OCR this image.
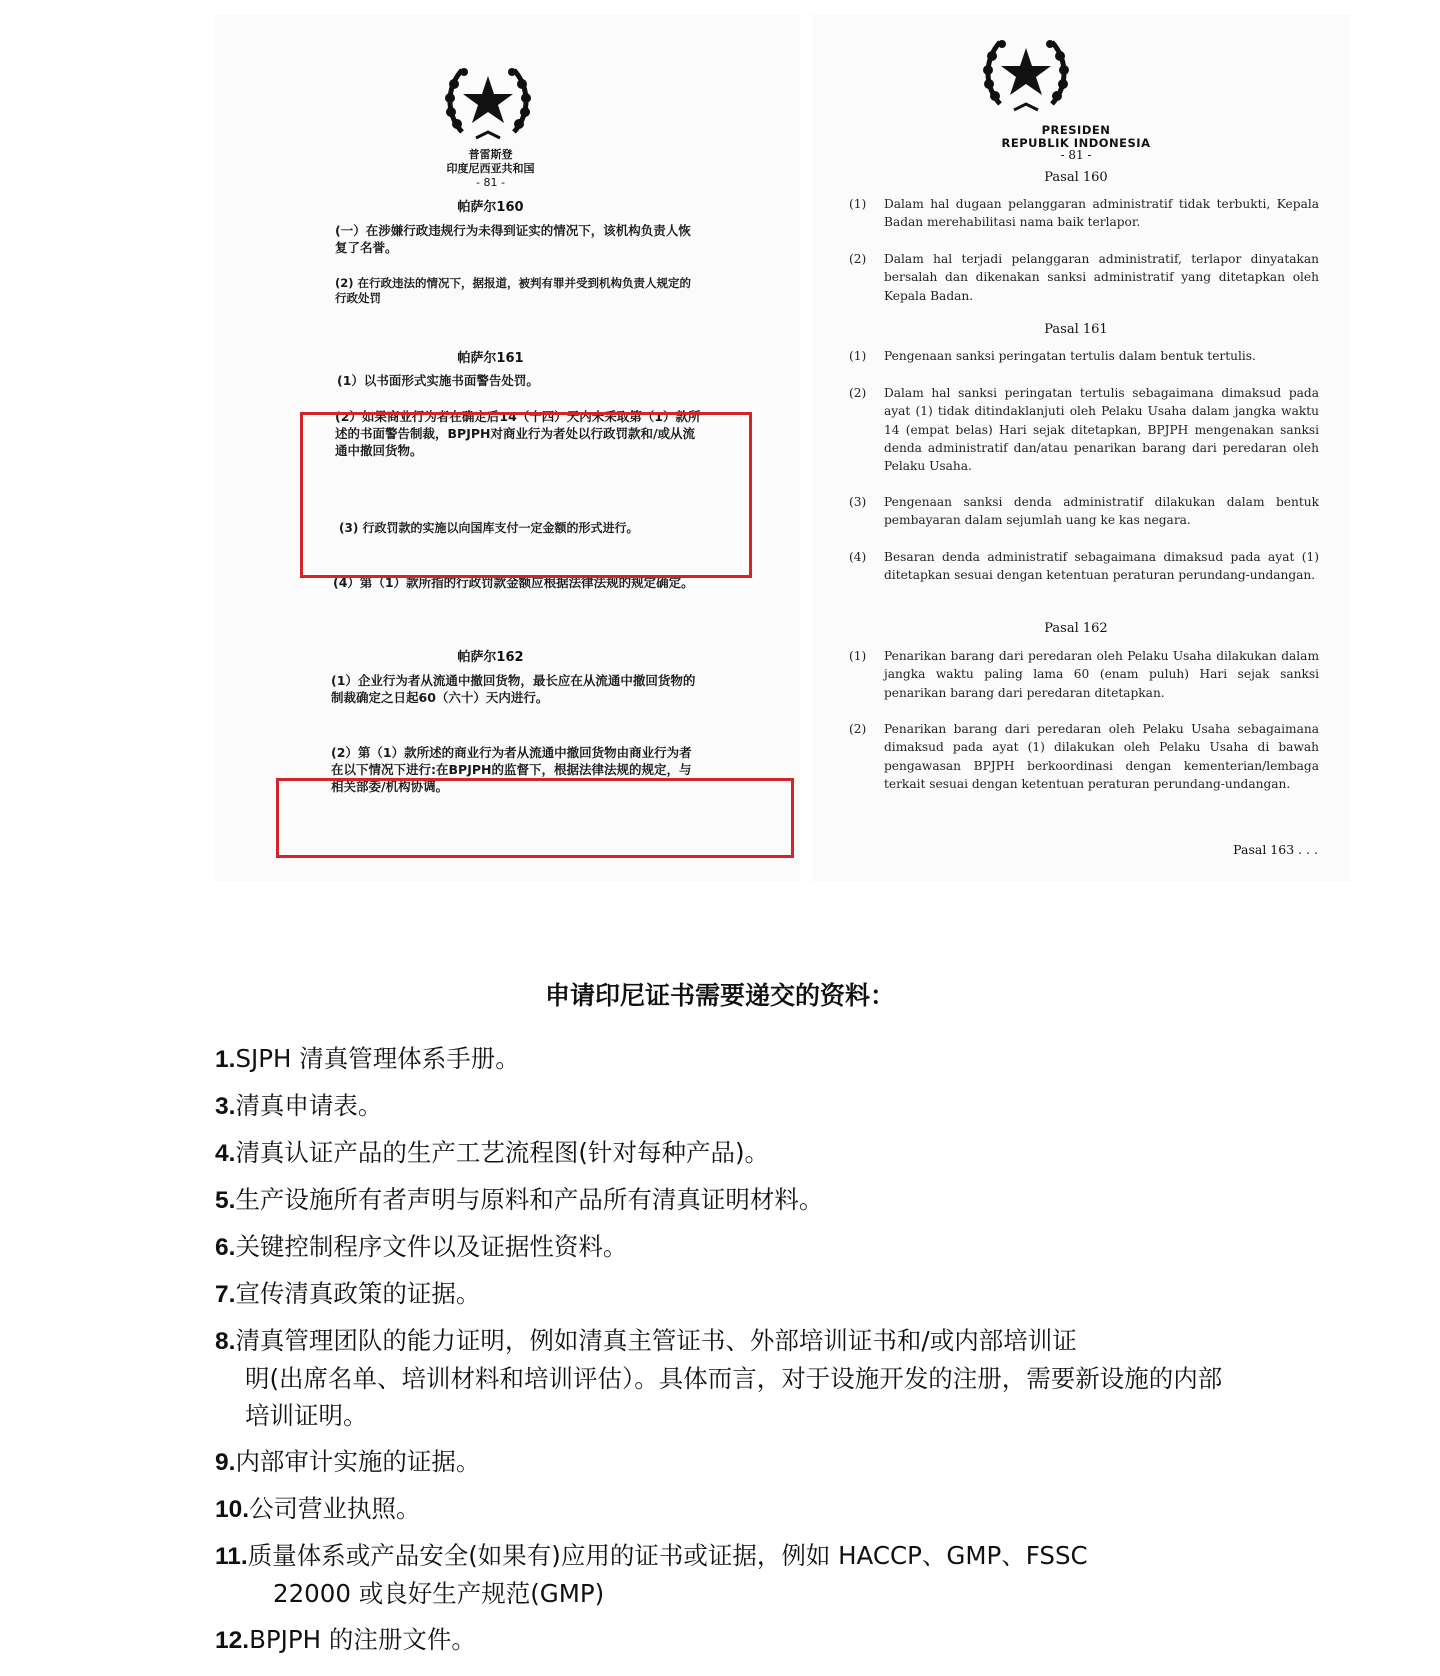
普雷斯登
印度尼西亚共和国
- 81 -
帕萨尔160
(一）在涉嫌行政违规行为未得到证实的情况下，该机构负责人恢复了名誉。
(2) 在行政违法的情况下，据报道，被判有罪并受到机构负责人规定的行政处罚
帕萨尔161
(1）以书面形式实施书面警告处罚。
(2）如果商业行为者在确定后14（十四）天内未采取第（1）款所述的书面警告制裁，BPJPH对商业行为者处以行政罚款和/或从流通中撤回货物。
(3) 行政罚款的实施以向国库支付一定金额的形式进行。
(4）第（1）款所指的行政罚款金额应根据法律法规的规定确定。
帕萨尔162
(1）企业行为者从流通中撤回货物，最长应在从流通中撤回货物的制裁确定之日起60（六十）天内进行。
(2）第（1）款所述的商业行为者从流通中撤回货物由商业行为者在以下情况下进行:在BPJPH的监督下，根据法律法规的规定，与相关部委/机构协调。
PRESIDEN
REPUBLIK INDONESIA
- 81 -
Pasal 160
(1) Dalam hal dugaan pelanggaran administratif tidak terbukti, Kepala Badan merehabilitasi nama baik terlapor.
(2) Dalam hal terjadi pelanggaran administratif, terlapor dinyatakan bersalah dan dikenakan sanksi administratif yang ditetapkan oleh Kepala Badan.
Pasal 161
(1) Pengenaan sanksi peringatan tertulis dalam bentuk tertulis.
(2) Dalam hal sanksi peringatan tertulis sebagaimana dimaksud pada ayat (1) tidak ditindaklanjuti oleh Pelaku Usaha dalam jangka waktu 14 (empat belas) Hari sejak ditetapkan, BPJPH mengenakan sanksi denda administratif dan/atau penarikan barang dari peredaran oleh Pelaku Usaha.
(3) Pengenaan sanksi denda administratif dilakukan dalam bentuk pembayaran dalam sejumlah uang ke kas negara.
(4) Besaran denda administratif sebagaimana dimaksud pada ayat (1) ditetapkan sesuai dengan ketentuan peraturan perundang-undangan.
Pasal 162
(1) Penarikan barang dari peredaran oleh Pelaku Usaha dilakukan dalam jangka waktu paling lama 60 (enam puluh) Hari sejak sanksi penarikan barang dari peredaran ditetapkan.
(2) Penarikan barang dari peredaran oleh Pelaku Usaha sebagaimana dimaksud pada ayat (1) dilakukan oleh Pelaku Usaha di bawah pengawasan BPJPH berkoordinasi dengan kementerian/lembaga terkait sesuai dengan ketentuan peraturan perundang-undangan.
Pasal 163 . . .
申请印尼证书需要递交的资料：
1.SJPH 清真管理体系手册。
3.清真申请表。
4.清真认证产品的生产工艺流程图(针对每种产品)。
5.生产设施所有者声明与原料和产品所有清真证明材料。
6.关键控制程序文件以及证据性资料。
7.宣传清真政策的证据。
8.清真管理团队的能力证明，例如清真主管证书、外部培训证书和/或内部培训证
明(出席名单、培训材料和培训评估）。具体而言，对于设施开发的注册，需要新设施的内部培训证明。
9.内部审计实施的证据。
10.公司营业执照。
11.质量体系或产品安全(如果有)应用的证书或证据，例如 HACCP、GMP、FSSC
22000 或良好生产规范(GMP)
12.BPJPH 的注册文件。
